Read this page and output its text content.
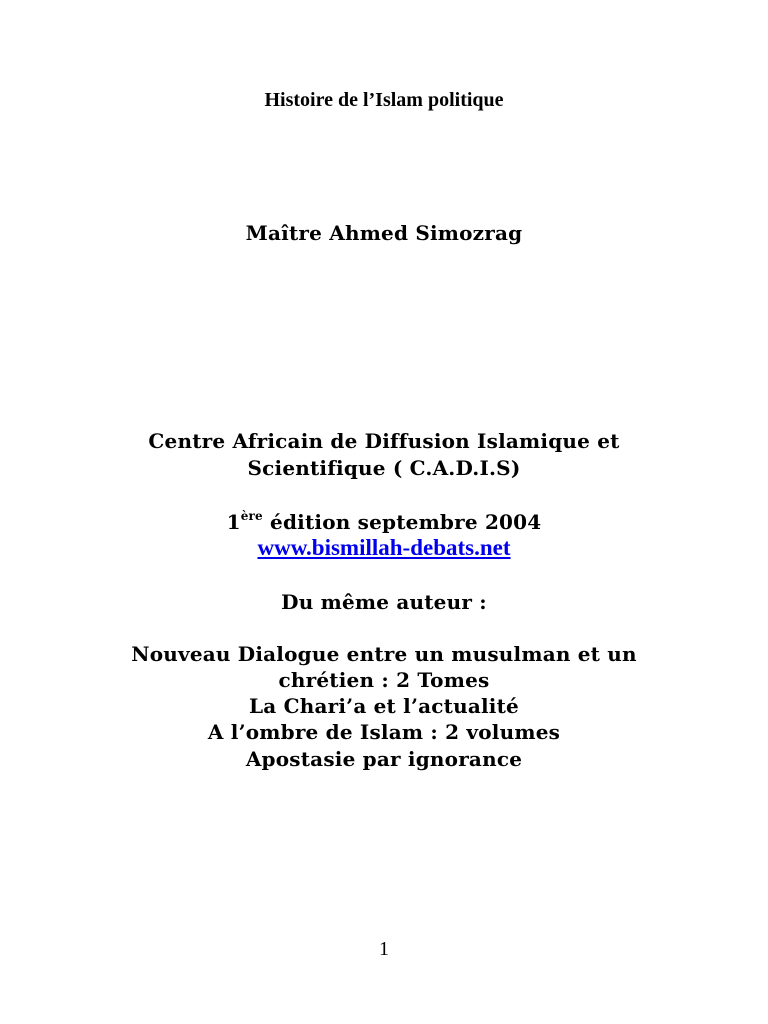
Histoire de l’Islam politique

Maître Ahmed Simozrag

Centre Africain de Diffusion Islamique et

Scientifique ( C.A.D.I.S)

1ère édition septembre 2004

www.bismillah-debats.net

Du même auteur :

Nouveau Dialogue entre un musulman et un

chrétien : 2 Tomes

La Chari’a et l’actualité

A l’ombre de Islam : 2 volumes

Apostasie par ignorance

1
